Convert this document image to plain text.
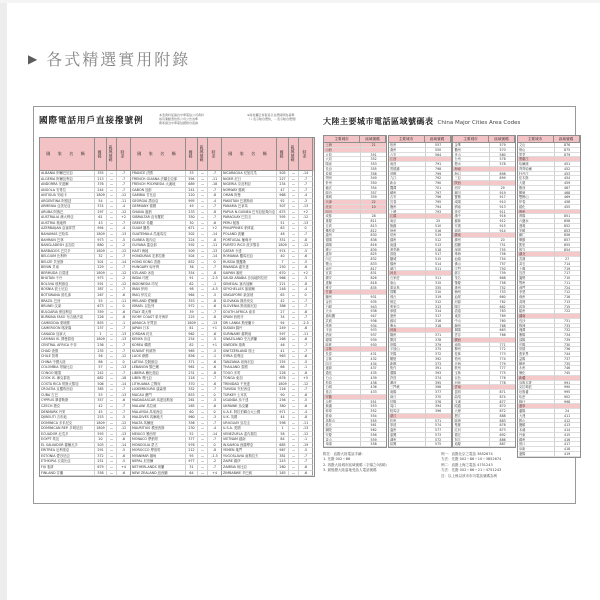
▶ 各式精選實用附錄
國際電話用戶直接撥號例
本表資料係摘自中華電信公司資料
如有異動悉依該公司公告為準
費率請洽中華電信國際台查詢
※時差欄正負號係以台灣時間為基準
（＋表示較台灣快，－表示較台灣慢）
國 家 名 稱	國碼	區域號碼	時差	國 家 名 稱	國碼	區域號碼	時差	國 家 名 稱	國碼	區域號碼	時差
ALBANIA 阿爾巴尼亞	355	—	-7	FRANCE 法國	33	—	-7	NICARAGUA 尼加拉瓜	505	—	-14
ALGERIA 阿爾及利亞	213	—	-7	FRENCH GUIANA 法屬圭亞那	594	—	-11	NIGER 尼日	227	—	-7
ANDORRA 安道爾	376	—	-7	FRENCH POLYNESIA 大溪地	689	—	-18	NIGERIA 奈及利亞	234	—	-7
ANGOLA 安哥拉	244	—	-7	GABON 加彭	241	—	-7	NORWAY 挪威	47	—	-7
ANTIGUA 安地卡	1809	—	-12	GAMBIA 甘比亞	220	—	-8	OMAN 阿曼	968	—	-4
ARGENTINA 阿根廷	54	—	-11	GEORGIA 喬治亞	995	—	-4	PAKISTAN 巴基斯坦	92	—	-3
ARMENIA 亞美尼亞	374	—	-4	GERMANY 德國	49	—	-7	PANAMA 巴拿馬	507	—	-13
ARUBA 阿魯巴	297	—	-12	GHANA 迦納	233	—	-8	PAPUA N.GUINEA 巴布亞紐幾內亞	675	—	+2
AUSTRALIA 澳大利亞	61	—	+2	GIBRALTAR 直布羅陀	350	—	-7	PARAGUAY 巴拉圭	595	—	-12
AUSTRIA 奧地利	43	—	-7	GREECE 希臘	30	—	-6	PERU 秘魯	51	—	-13
AZERBAIJAN 亞塞拜然	994	—	-4	GUAM 關島	671	—	+2	PHILIPPINES 菲律賓	63	—	0
BAHAMAS 巴哈馬	1809	—	-13	GUATEMALA 瓜地馬拉	502	—	-14	POLAND 波蘭	48	—	-7
BAHRAIN 巴林	973	—	-5	GUINEA 幾內亞	224	—	-8	PORTUGAL 葡萄牙	351	—	-8
BANGLADESH 孟加拉	880	—	-2	GUYANA 蓋亞那	592	—	-11	PUERTO RICO 波多黎各	1809	—	-12
BARBADOS 巴貝多	1809	—	-12	HAITI 海地	509	—	-13	QATAR 卡達	974	—	-5
BELGIUM 比利時	32	—	-7	HONDURAS 宏都拉斯	504	—	-14	ROMANIA 羅馬尼亞	40	—	-6
BELIZE 貝里斯	501	—	-14	HONG KONG 香港	852	—	0	RUSSIA 俄羅斯	7	—	-5
BENIN 貝南	229	—	-7	HUNGARY 匈牙利	36	—	-7	RWANDA 盧安達	250	—	-6
BERMUDA 百慕達	1809	—	-12	ICELAND 冰島	354	—	-8	SAIPAN 塞班	670	—	+2
BHUTAN 不丹	975	—	-2	INDIA 印度	91	—	-2.5	SAUDI ARABIA 沙烏地阿拉伯	966	—	-5
BOLIVIA 玻利維亞	591	—	-12	INDONESIA 印尼	62	—	-1	SENEGAL 塞內加爾	221	—	-8
BOSNIA 波士尼亞	387	—	-7	IRAN 伊朗	98	—	-4.5	SEYCHELLES 塞席爾	248	—	-4
BOTSWANA 波札那	267	—	-6	IRAQ 伊拉克	964	—	-5	SINGAPORE 新加坡	65	—	0
BRAZIL 巴西	55	—	-11	IRELAND 愛爾蘭	353	—	-8	SLOVAKIA 斯洛伐克	42	—	-7
BRUNEI 汶萊	673	—	0	ISRAEL 以色列	972	—	-6	SLOVENIA 斯洛維尼亞	386	—	-7
BULGARIA 保加利亞	359	—	-6	ITALY 義大利	39	—	-7	SOUTH AFRICA 南非	27	—	-6
BURKINA FASO 布吉納法索	226	—	-8	IVORY COAST 象牙海岸	225	—	-8	SPAIN 西班牙	34	—	-7
CAMBODIA 柬埔寨	855	—	-1	JAMAICA 牙買加	1809	—	-13	SRI LANKA 斯里蘭卡	94	—	-2.5
CAMEROON 喀麥隆	237	—	-7	JAPAN 日本	81	—	+1	SUDAN 蘇丹	249	—	-6
CANADA 加拿大	1	—	-13	JORDAN 約旦	962	—	-6	SURINAME 蘇利南	597	—	-11
CAYMAN IS. 開曼群島	1809	—	-13	KENYA 肯亞	254	—	-5	SWAZILAND 史瓦濟蘭	268	—	-6
CENTRAL AFRICA 中非	236	—	-7	KOREA 韓國	82	—	+1	SWEDEN 瑞典	46	—	-7
CHAD 查德	235	—	-7	KUWAIT 科威特	965	—	-5	SWITZERLAND 瑞士	41	—	-7
CHILE 智利	56	—	-12	LAOS 寮國	856	—	-1	SYRIA 敘利亞	963	—	-6
CHINA 中國大陸	86	—	0	LATVIA 拉脫維亞	371	—	-6	TANZANIA 坦尚尼亞	255	—	-5
COLOMBIA 哥倫比亞	57	—	-13	LEBANON 黎巴嫩	961	—	-6	THAILAND 泰國	66	—	-1
CONGO 剛果	242	—	-7	LIBERIA 賴比瑞亞	231	—	-8	TOGO 多哥	228	—	-8
COOK IS. 庫克群島	682	—	-18	LIBYA 利比亞	218	—	-7	TONGA 東加	676	—	+5
COSTA RICA 哥斯大黎加	506	—	-14	LITHUANIA 立陶宛	370	—	-6	TRINIDAD 千里達	1809	—	-12
CROATIA 克羅埃西亞	385	—	-7	LUXEMBOURG 盧森堡	352	—	-7	TUNISIA 突尼西亞	216	—	-7
CUBA 古巴	53	—	-13	MACAU 澳門	853	—	0	TURKEY 土耳其	90	—	-6
CYPRUS 賽普勒斯	357	—	-6	MADAGASCAR 馬達加斯加	261	—	-5	UGANDA 烏干達	256	—	-5
CZECH 捷克	42	—	-7	MALAWI 馬拉威	265	—	-6	UKRAINE 烏克蘭	380	—	-6
DENMARK 丹麥	45	—	-7	MALAYSIA 馬來西亞	60	—	0	U.A.E. 阿拉伯聯合大公國	971	—	-4
DJIBOUTI 吉布地	253	—	-5	MALDIVES 馬爾地夫	960	—	-3	U.K. 英國	44	—	-8
DOMINICA 多米尼克	1809	—	-12	MALTA 馬爾他	356	—	-7	URUGUAY 烏拉圭	598	—	-11
DOMINICAN REP. 多明尼加	1809	—	-12	MAURITIUS 模里西斯	230	—	-4	U.S.A. 美國	1	—	-13
ECUADOR 厄瓜多	593	—	-13	MEXICO 墨西哥	52	—	-14	VENEZUELA 委內瑞拉	58	—	-12
EGYPT 埃及	20	—	-6	MONACO 摩納哥	377	—	-7	VIETNAM 越南	84	—	-1
EL SALVADOR 薩爾瓦多	503	—	-14	MONGOLIA 蒙古	976	—	0	W.SAMOA 西薩摩亞	685	—	-19
ERITREA 厄利垂亞	291	—	-5	MOROCCO 摩洛哥	212	—	-8	YEMEN 葉門	967	—	-5
ESTONIA 愛沙尼亞	372	—	-6	MYANMAR 緬甸	95	—	-1.5	YUGOSLAVIA 南斯拉夫	381	—	-7
ETHIOPIA 衣索比亞	251	—	-5	NEPAL 尼泊爾	977	—	-2	ZAIRE 薩伊	243	—	-7
FIJI 斐濟	679	—	+4	NETHERLANDS 荷蘭	31	—	-7	ZAMBIA 尚比亞	260	—	-6
FINLAND 芬蘭	358	—	-6	NEW ZEALAND 紐西蘭	64	—	+4	ZIMBABWE 辛巴威	263	—	-6
大陸主要城市電話區域號碼表 China Major Cities Area Codes
主要城市	區域號碼
上海	21
山西
太原	351
大同	352
陽泉	353
長治	355
晉城	356
朔州	349
忻州	350
榆次	354
臨汾	357
運城	359
天津	22
北京	10
四川
成都	28
重慶	811
自貢	813
攀枝花	812
瀘州	830
德陽	838
綿陽	816
廣元	839
遂寧	825
內江	832
樂山	833
南充	817
宜賓	831
廣安	826
達縣	818
雅安	835
甘肅
蘭州	931
金昌	935
白銀	943
天水	938
嘉峪關	947
武威	936
張掖	934
平涼	933
酒泉	937
慶陽	939
臨夏	930
吉林
長春	431
吉林	432
四平	434
遼源	437
通化	435
白山	439
松原	438
白城	436
延吉	433
安徽
合肥	551
蕪湖	553
蚌埠	552
淮南	554
馬鞍山	555
淮北	561
銅陵	562
安慶	556
黃山	559
阜陽	558
主要城市	區域號碼
宿州	557
滁州	550
六安	564
江西
南昌	791
景德鎮	798
萍鄉	799
九江	792
新余	790
鷹潭	701
贛州	797
吉安	796
宜春	795
撫州	794
上饒	793
江蘇
南京	25
無錫	510
徐州	516
常州	519
蘇州	512
南通	513
連雲港	518
淮陰	517
鹽城	515
揚州	514
鎮江	511
河北
石家莊	311
唐山	315
秦皇島	335
邯鄲	310
邢台	319
保定	312
張家口	313
承德	314
滄州	317
廊坊	316
衡水	318
河南
鄭州	371
開封	378
洛陽	379
平頂山	375
安陽	372
鶴壁	392
新鄉	373
焦作	391
濮陽	393
許昌	374
漯河	395
三門峽	398
南陽	377
商丘	370
信陽	376
周口	394
駐馬店	396
浙江
杭州	571
寧波	574
溫州	577
嘉興	573
湖州	572
紹興	575
主要城市	區域號碼
金華	579
衢州	570
舟山	580
台州	576
麗水	578
海南
海口	898
三亞	899
陝西
西安	29
銅川	919
寶雞	917
咸陽	910
渭南	913
延安	911
漢中	916
榆林	912
安康	915
商洛	914
廣東
廣州	20
韶關	751
深圳	755
珠海	756
汕頭	754
佛山	757
江門	750
湛江	759
茂名	668
肇慶	758
惠州	752
梅州	753
汕尾	660
河源	762
陽江	662
清遠	763
東莞	769
中山	760
潮州	768
揭陽	663
雲浮	766
廣西
南寧	771
柳州	772
桂林	773
梧州	774
北海	779
欽州	777
玉林	775
百色	776
河池	778
雲南
昆明	871
曲靖	874
玉溪	877
昭通	870
大理	872
麗江	888
臨滄	883
楚雄	878
紅河	873
德宏	692
怒江	886
迪慶	887
主要城市	區域號碼
文山	876
保山	875
思茅	879
黑龍江
哈爾濱	451
齊齊哈爾	452
牡丹江	453
佳木斯	454
大慶	459
雞西	467
鶴崗	468
雙鴨山	469
伊春	458
綏化	455
貴州
貴陽	851
六盤水	858
遵義	852
安順	853
銅仁	856
畢節	857
凱里	855
都勻	854
湖北
武漢	27
黃石	714
十堰	719
宜昌	717
襄樊	710
鄂州	711
荊門	724
孝感	712
荊州	716
黃岡	713
咸寧	715
隨州	722
湖南
長沙	731
株洲	733
湘潭	732
衡陽	734
邵陽	739
岳陽	730
常德	736
張家界	744
益陽	737
郴州	735
永州	746
懷化	745
新疆
烏魯木齊	991
克拉瑪依	990
吐魯番	995
哈密	902
喀什	998
遼寧
瀋陽	24
大連	411
鞍山	412
撫順	413
本溪	414
丹東	415
錦州	416
營口	417
阜新	418
遼陽	419
附註：直撥大陸電話手續：
1. 先撥 002＋86
2. 再撥大陸城市區域號碼（字頭之0省略）
3. 最後撥大陸當地受話人電話號碼
例一：直撥北京之電話 3852674
方法：先撥 002＋86＋10＋3852674
例二：直撥上海之電話 4751243
方法：先撥 002＋86＋21＋4751243
註：以上係以該市市內電話號碼為例
